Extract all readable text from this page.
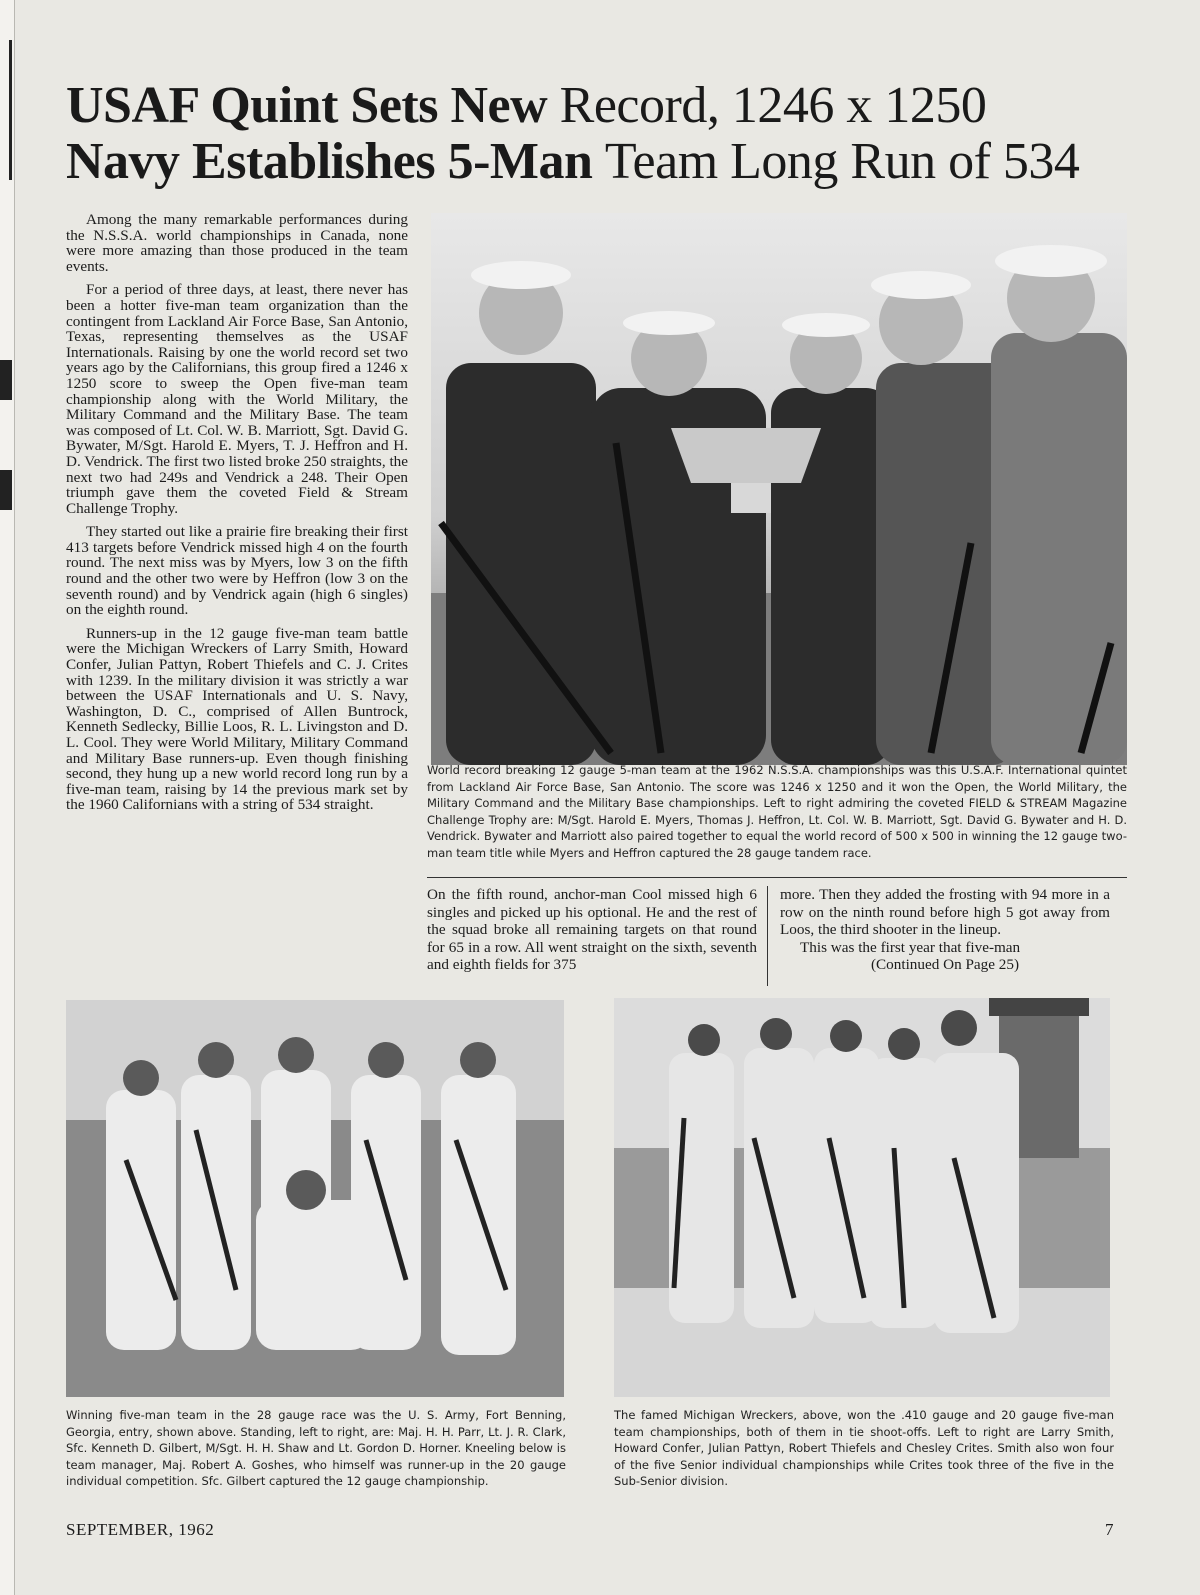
USAF Quint Sets New Record, 1246 x 1250
Navy Establishes 5-Man Team Long Run of 534

Among the many remarkable performances during the N.S.S.A. world championships in Canada, none were more amazing than those produced in the team events.

For a period of three days, at least, there never has been a hotter five-man team organization than the contingent from Lackland Air Force Base, San Antonio, Texas, representing themselves as the USAF Internationals. Raising by one the world record set two years ago by the Californians, this group fired a 1246 x 1250 score to sweep the Open five-man team championship along with the World Military, the Military Command and the Military Base. The team was composed of Lt. Col. W. B. Marriott, Sgt. David G. Bywater, M/Sgt. Harold E. Myers, T. J. Heffron and H. D. Vendrick. The first two listed broke 250 straights, the next two had 249s and Vendrick a 248. Their Open triumph gave them the coveted Field & Stream Challenge Trophy.

They started out like a prairie fire breaking their first 413 targets before Vendrick missed high 4 on the fourth round. The next miss was by Myers, low 3 on the fifth round and the other two were by Heffron (low 3 on the seventh round) and by Vendrick again (high 6 singles) on the eighth round.

Runners-up in the 12 gauge five-man team battle were the Michigan Wreckers of Larry Smith, Howard Confer, Julian Pattyn, Robert Thiefels and C. J. Crites with 1239. In the military division it was strictly a war between the USAF Internationals and U. S. Navy, Washington, D. C., comprised of Allen Buntrock, Kenneth Sedlecky, Billie Loos, R. L. Livingston and D. L. Cool. They were World Military, Military Command and Military Base runners-up. Even though finishing second, they hung up a new world record long run by a five-man team, raising by 14 the previous mark set by the 1960 Californians with a string of 534 straight.

World record breaking 12 gauge 5-man team at the 1962 N.S.S.A. championships was this U.S.A.F. International quintet from Lackland Air Force Base, San Antonio. The score was 1246 x 1250 and it won the Open, the World Military, the Military Command and the Military Base championships. Left to right admiring the coveted FIELD & STREAM Magazine Challenge Trophy are: M/Sgt. Harold E. Myers, Thomas J. Heffron, Lt. Col. W. B. Marriott, Sgt. David G. Bywater and H. D. Vendrick. Bywater and Marriott also paired together to equal the world record of 500 x 500 in winning the 12 gauge two-man team title while Myers and Heffron captured the 28 gauge tandem race.

On the fifth round, anchor-man Cool missed high 6 singles and picked up his optional. He and the rest of the squad broke all remaining targets on that round for 65 in a row. All went straight on the sixth, seventh and eighth fields for 375

more. Then they added the frosting with 94 more in a row on the ninth round before high 5 got away from Loos, the third shooter in the lineup.

This was the first year that five-man

(Continued On Page 25)

Winning five-man team in the 28 gauge race was the U. S. Army, Fort Benning, Georgia, entry, shown above. Standing, left to right, are: Maj. H. H. Parr, Lt. J. R. Clark, Sfc. Kenneth D. Gilbert, M/Sgt. H. H. Shaw and Lt. Gordon D. Horner. Kneeling below is team manager, Maj. Robert A. Goshes, who himself was runner-up in the 20 gauge individual competition. Sfc. Gilbert captured the 12 gauge championship.

The famed Michigan Wreckers, above, won the .410 gauge and 20 gauge five-man team championships, both of them in tie shoot-offs. Left to right are Larry Smith, Howard Confer, Julian Pattyn, Robert Thiefels and Chesley Crites. Smith also won four of the five Senior individual championships while Crites took three of the five in the Sub-Senior division.

SEPTEMBER, 1962	7
